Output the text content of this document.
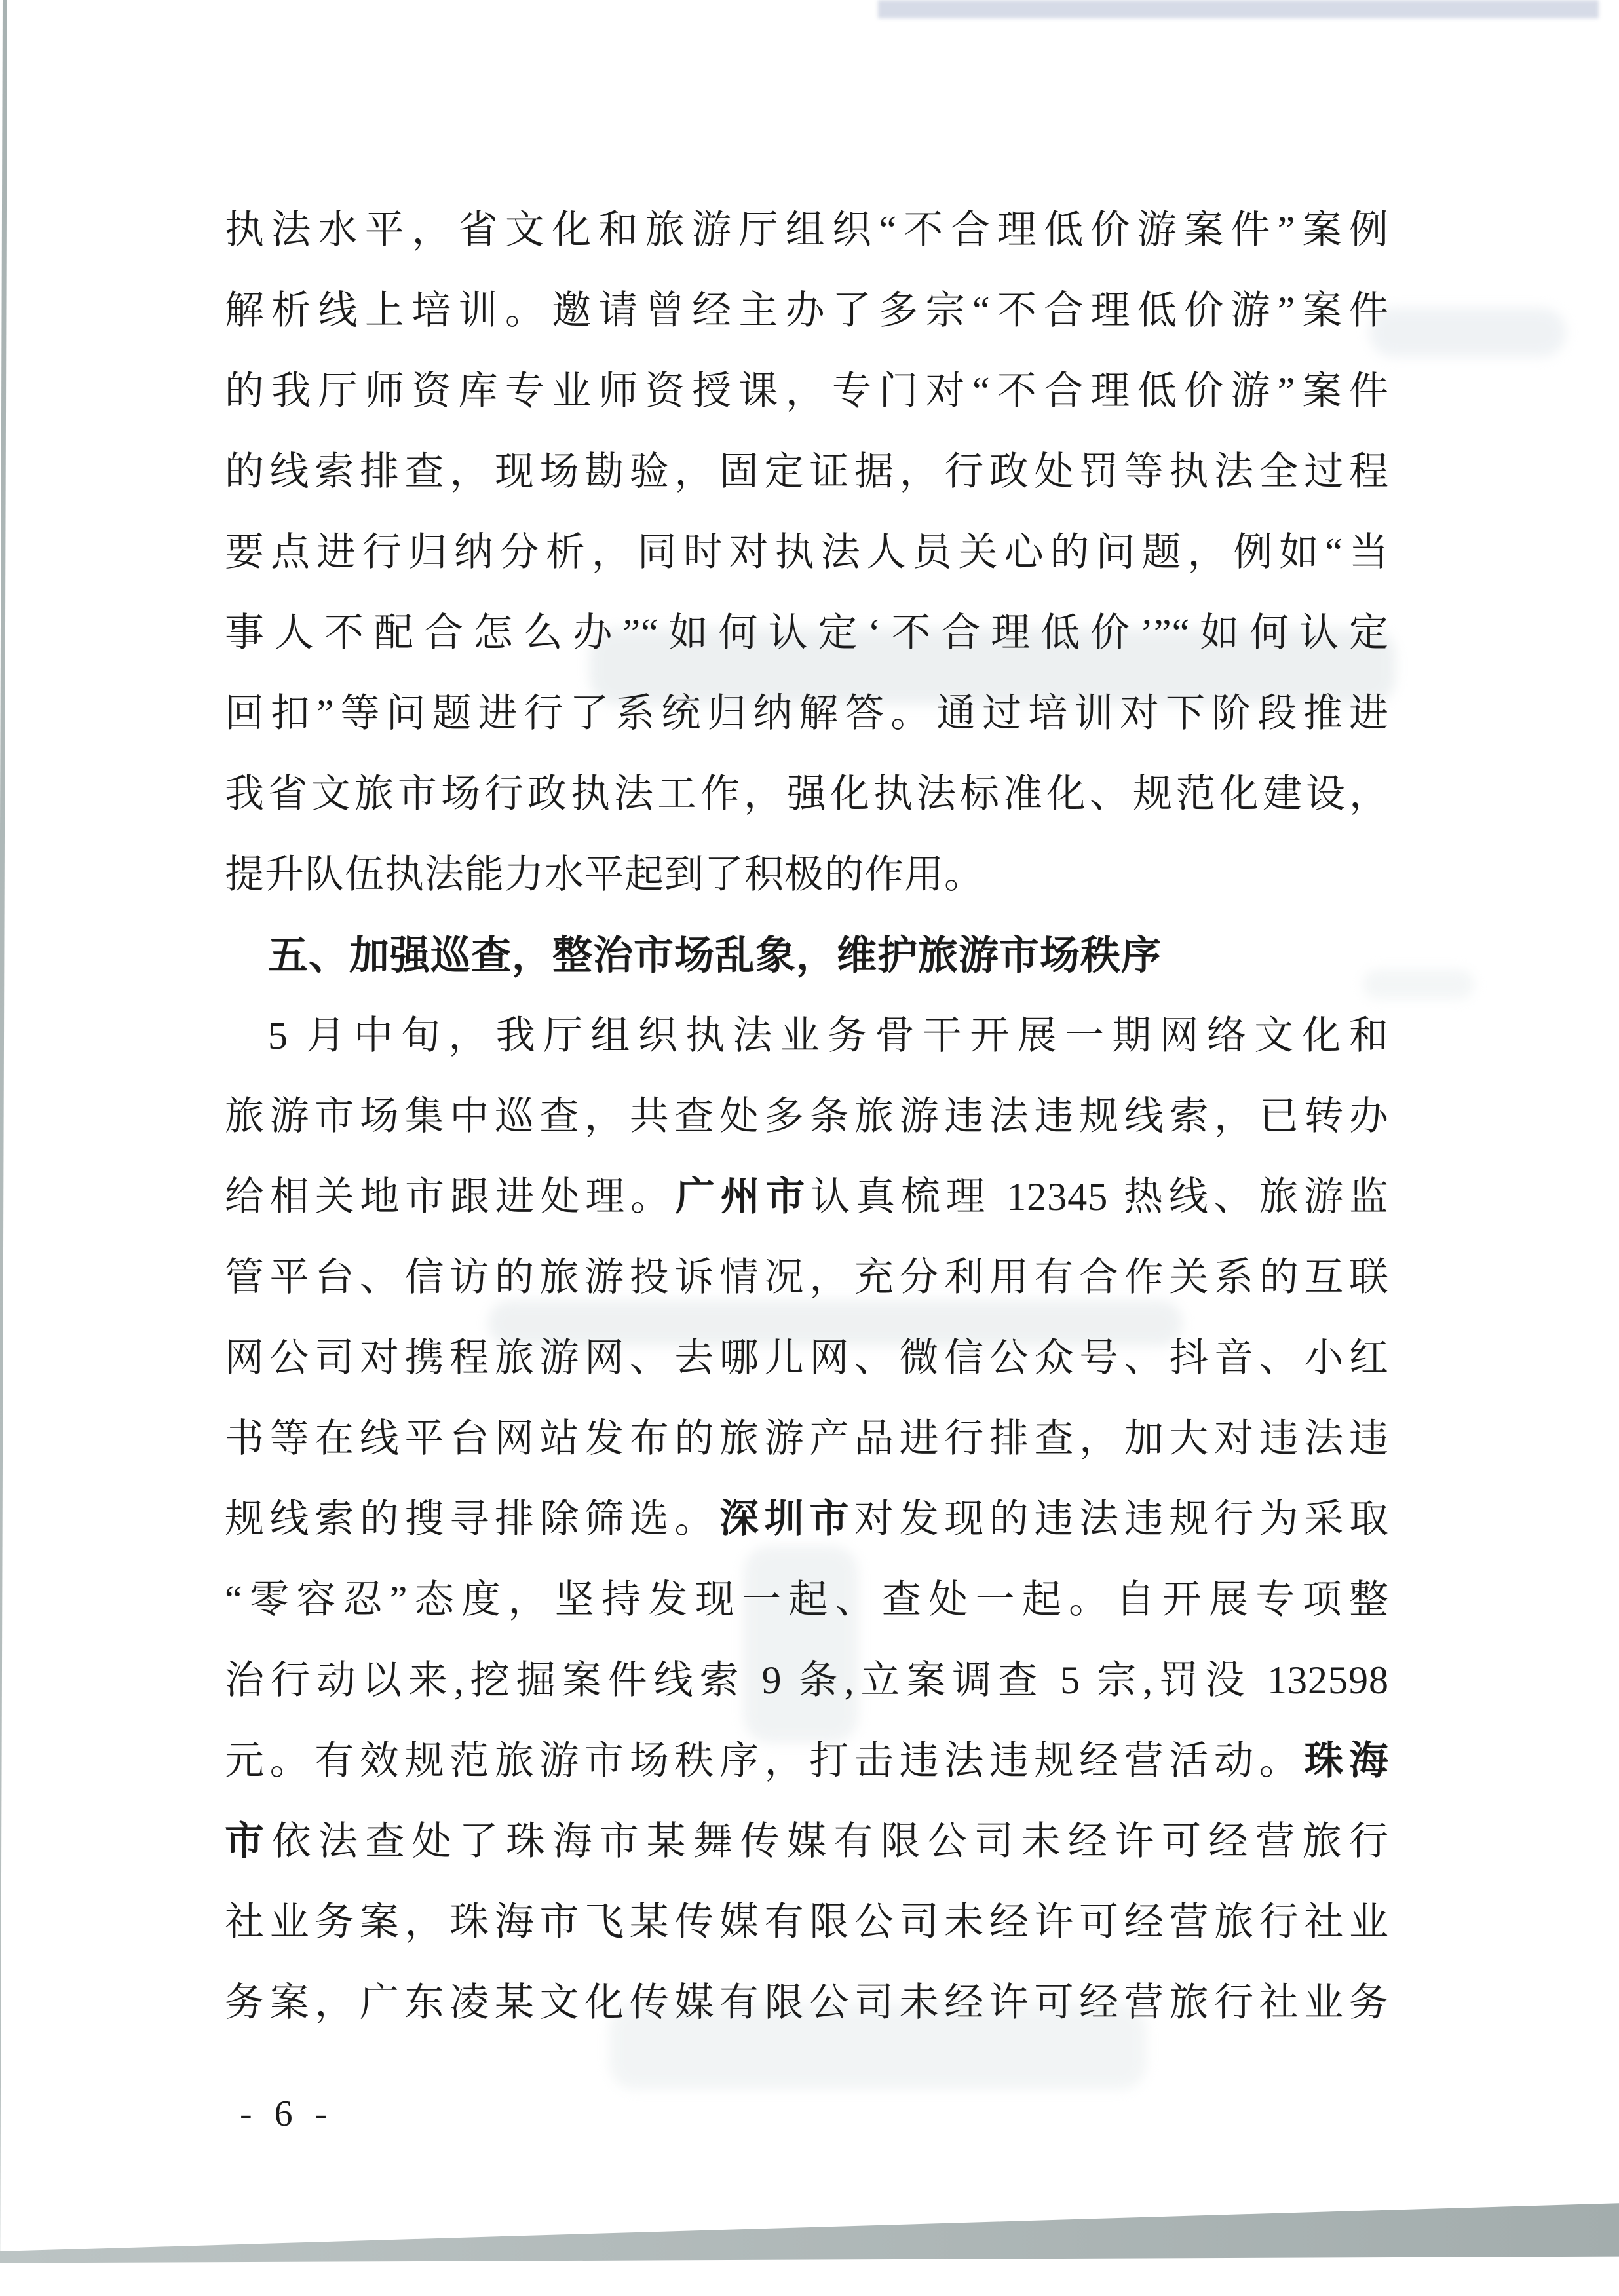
执法水平，省文化和旅游厅组织“不合理低价游案件”案例
解析线上培训。邀请曾经主办了多宗“不合理低价游”案件
的我厅师资库专业师资授课，专门对“不合理低价游”案件
的线索排查，现场勘验，固定证据，行政处罚等执法全过程
要点进行归纳分析，同时对执法人员关心的问题，例如“当
事人不配合怎么办”“如何认定‘不合理低价’”“如何认定
回扣”等问题进行了系统归纳解答。通过培训对下阶段推进
我省文旅市场行政执法工作，强化执法标准化、规范化建设，
提升队伍执法能力水平起到了积极的作用。
五、加强巡查，整治市场乱象，维护旅游市场秩序
5 月中旬，我厅组织执法业务骨干开展一期网络文化和
旅游市场集中巡查，共查处多条旅游违法违规线索，已转办
给相关地市跟进处理。广州市认真梳理 12345 热线、旅游监
管平台、信访的旅游投诉情况，充分利用有合作关系的互联
网公司对携程旅游网、去哪儿网、微信公众号、抖音、小红
书等在线平台网站发布的旅游产品进行排查，加大对违法违
规线索的搜寻排除筛选。深圳市对发现的违法违规行为采取
“零容忍”态度，坚持发现一起、查处一起。自开展专项整
治行动以来,挖掘案件线索 9 条,立案调查 5 宗,罚没 132598
元。有效规范旅游市场秩序，打击违法违规经营活动。珠海
市依法查处了珠海市某舞传媒有限公司未经许可经营旅行
社业务案，珠海市飞某传媒有限公司未经许可经营旅行社业
务案，广东凌某文化传媒有限公司未经许可经营旅行社业务
- 6 -
